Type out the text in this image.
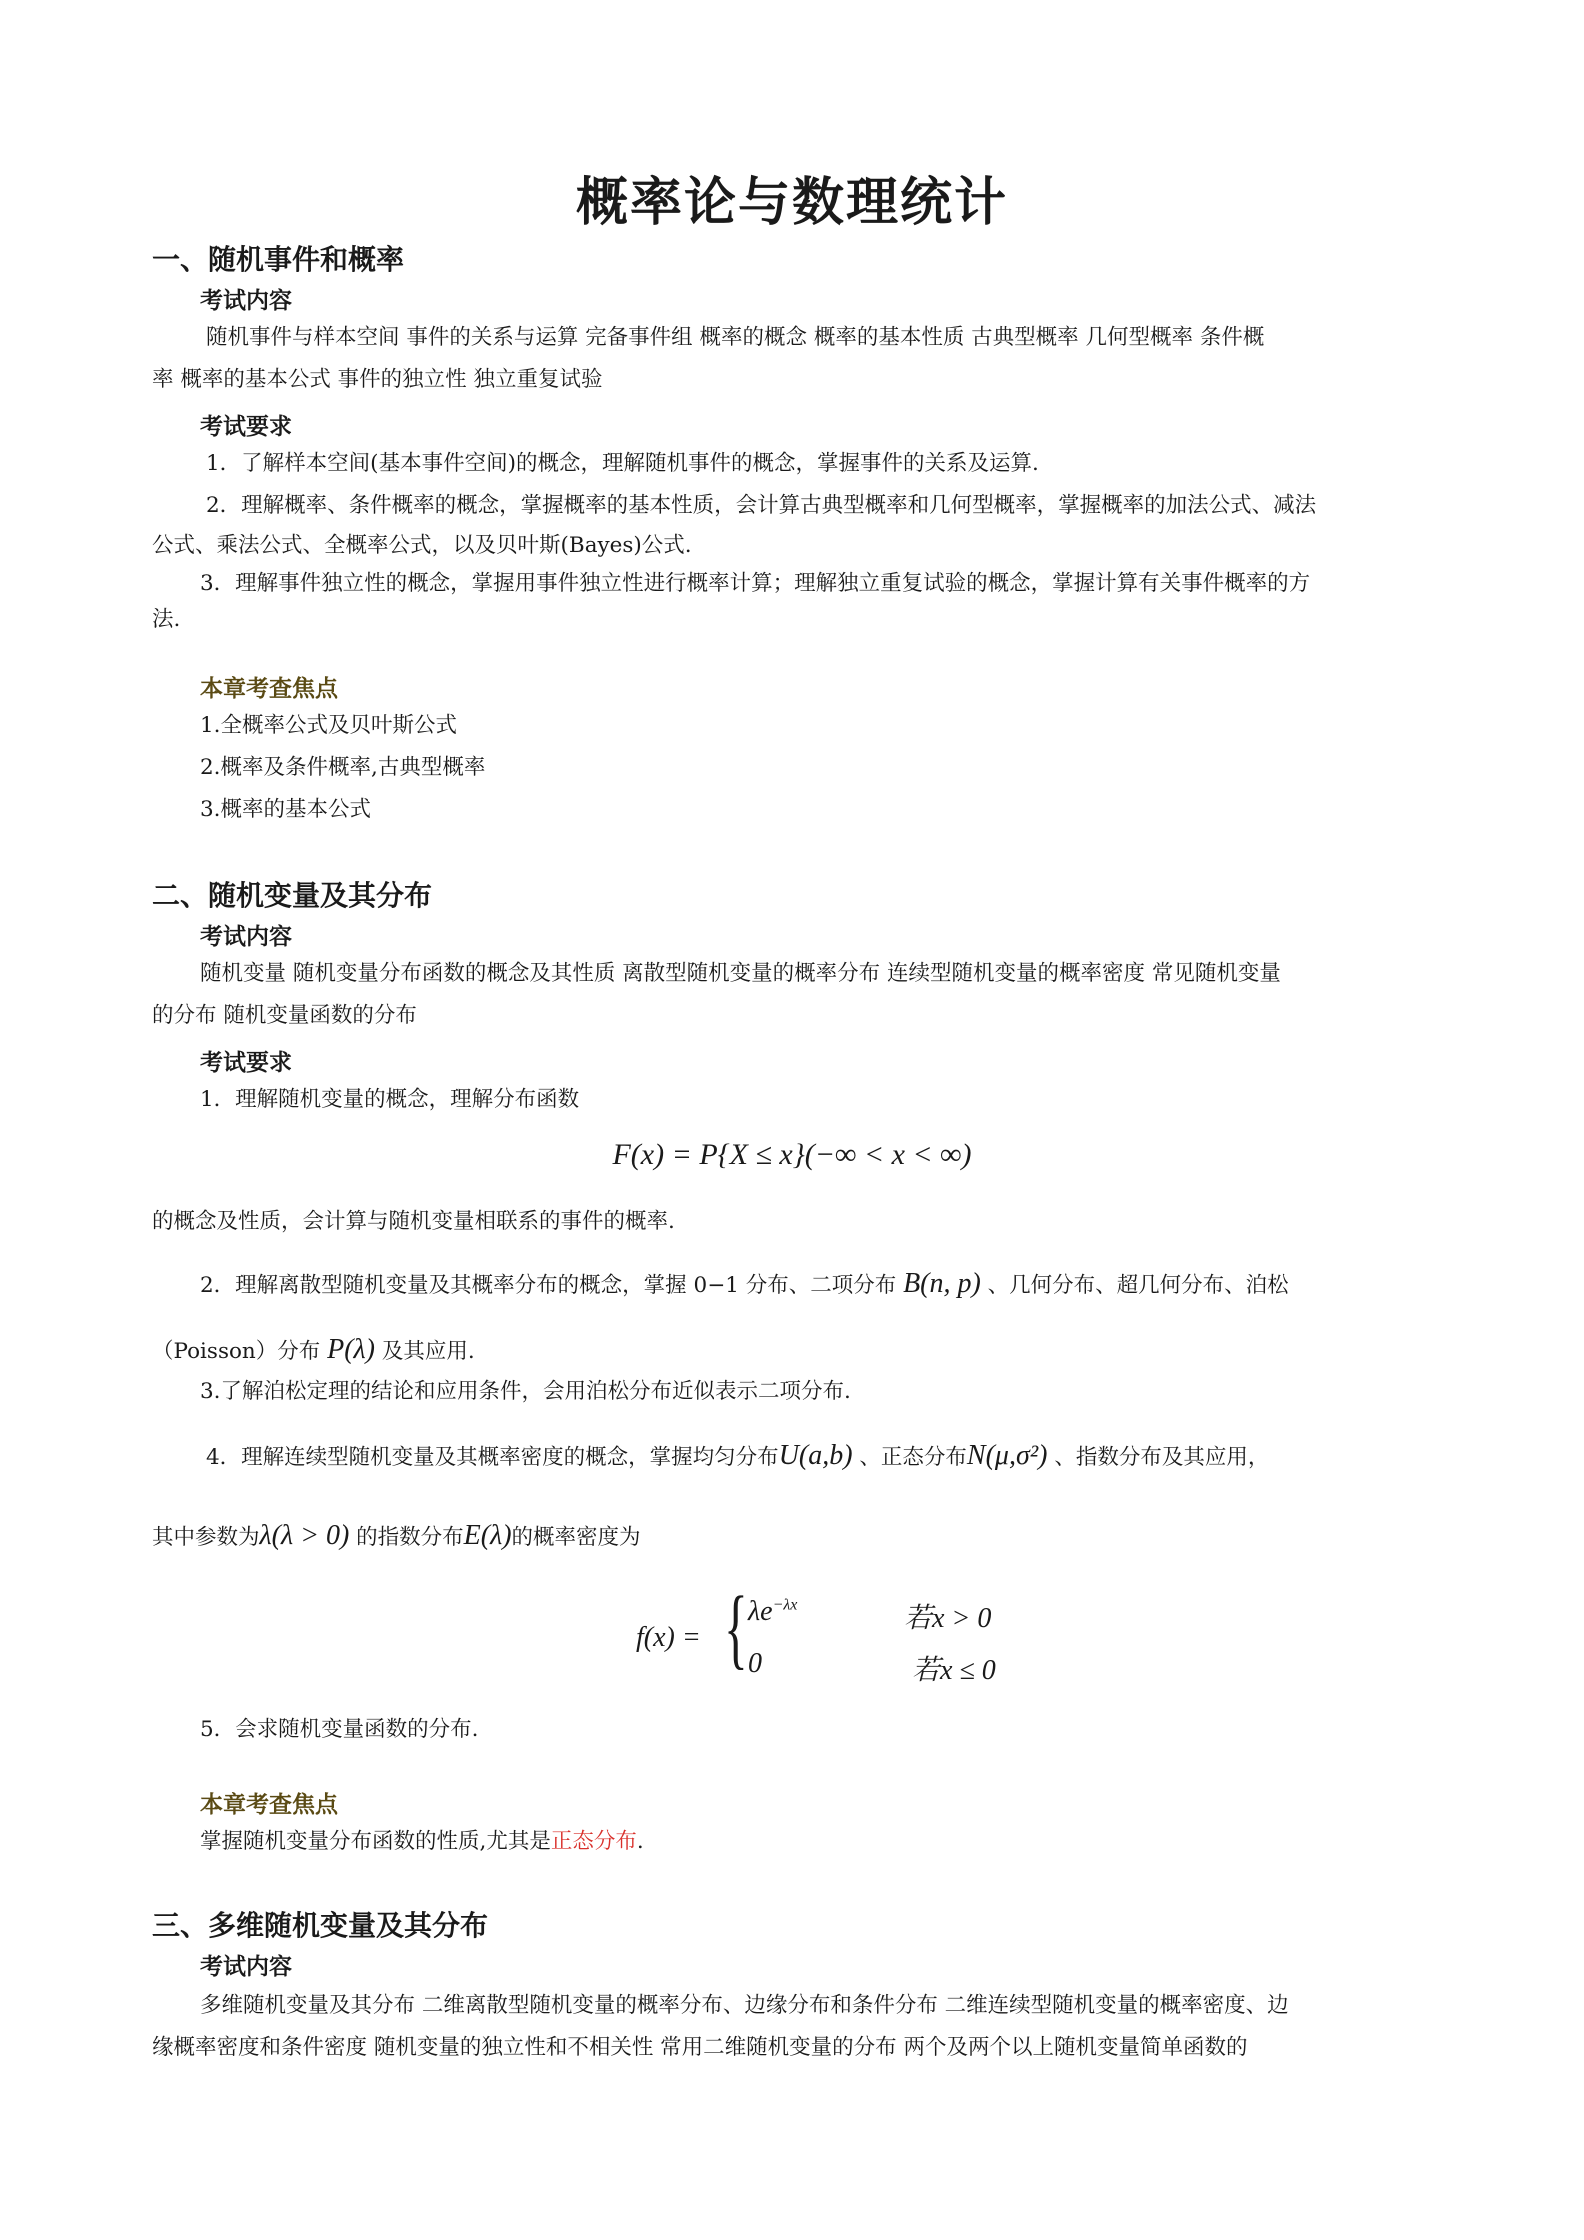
概率论与数理统计
一、随机事件和概率
考试内容
随机事件与样本空间 事件的关系与运算 完备事件组 概率的概念 概率的基本性质 古典型概率 几何型概率 条件概
率 概率的基本公式 事件的独立性 独立重复试验
考试要求
1．了解样本空间(基本事件空间)的概念，理解随机事件的概念，掌握事件的关系及运算.
2．理解概率、条件概率的概念，掌握概率的基本性质，会计算古典型概率和几何型概率，掌握概率的加法公式、减法
公式、乘法公式、全概率公式，以及贝叶斯(Bayes)公式.
3．理解事件独立性的概念，掌握用事件独立性进行概率计算；理解独立重复试验的概念，掌握计算有关事件概率的方
法.
本章考查焦点
1.全概率公式及贝叶斯公式
2.概率及条件概率,古典型概率
3.概率的基本公式
二、随机变量及其分布
考试内容
随机变量 随机变量分布函数的概念及其性质 离散型随机变量的概率分布 连续型随机变量的概率密度 常见随机变量
的分布 随机变量函数的分布
考试要求
1．理解随机变量的概念，理解分布函数
F(x) = P{X ≤ x}(−∞ < x < ∞)
的概念及性质，会计算与随机变量相联系的事件的概率.
2．理解离散型随机变量及其概率分布的概念，掌握 0−1 分布、二项分布 B(n, p) 、几何分布、超几何分布、泊松
（Poisson）分布 P(λ) 及其应用.
3.了解泊松定理的结论和应用条件，会用泊松分布近似表示二项分布.
4．理解连续型随机变量及其概率密度的概念，掌握均匀分布U(a,b) 、正态分布N(μ,σ²) 、指数分布及其应用，
其中参数为λ(λ > 0) 的指数分布E(λ)的概率密度为
f(x) = { $\lambda e^{-\lambda x}$	若x > 0
0	若x ≤ 0
5．会求随机变量函数的分布.
本章考查焦点
掌握随机变量分布函数的性质,尤其是正态分布.
三、多维随机变量及其分布
考试内容
多维随机变量及其分布 二维离散型随机变量的概率分布、边缘分布和条件分布 二维连续型随机变量的概率密度、边
缘概率密度和条件密度 随机变量的独立性和不相关性 常用二维随机变量的分布 两个及两个以上随机变量简单函数的
